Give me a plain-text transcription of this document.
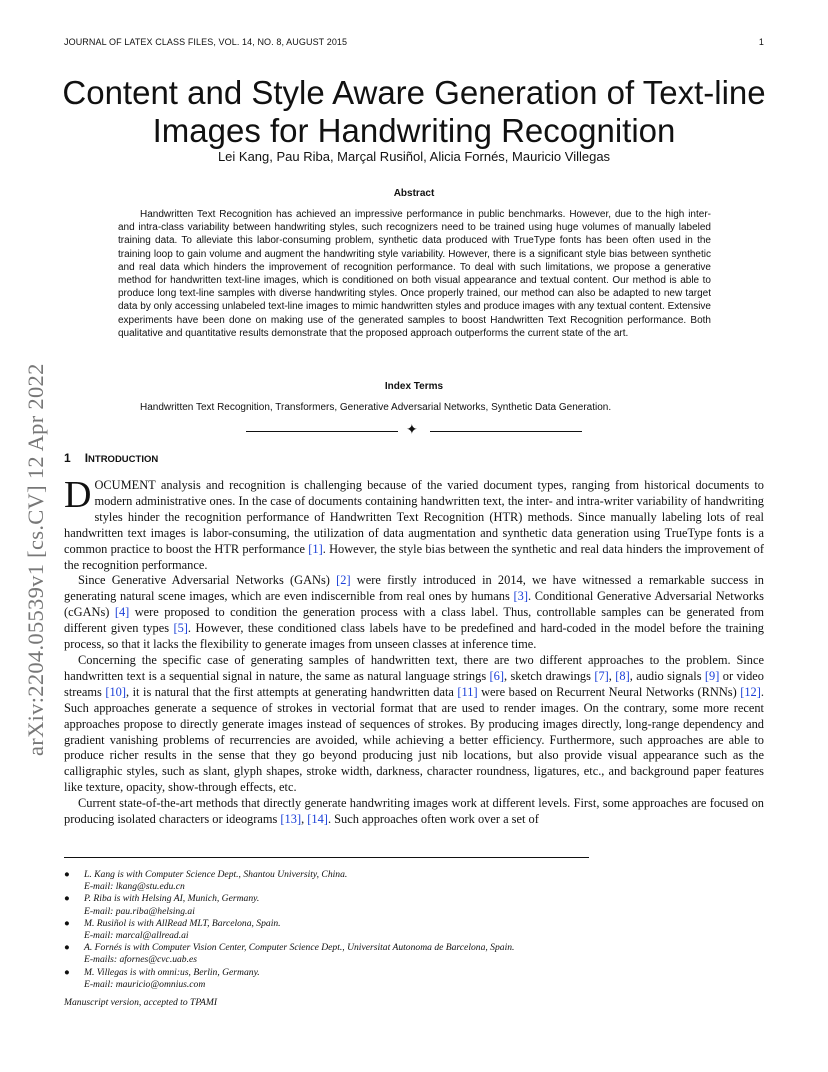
JOURNAL OF LATEX CLASS FILES, VOL. 14, NO. 8, AUGUST 2015	1
Content and Style Aware Generation of Text-line Images for Handwriting Recognition
Lei Kang, Pau Riba, Marçal Rusiñol, Alicia Fornés, Mauricio Villegas
Abstract

Handwritten Text Recognition has achieved an impressive performance in public benchmarks. However, due to the high inter- and intra-class variability between handwriting styles, such recognizers need to be trained using huge volumes of manually labeled training data. To alleviate this labor-consuming problem, synthetic data produced with TrueType fonts has been often used in the training loop to gain volume and augment the handwriting style variability. However, there is a significant style bias between synthetic and real data which hinders the improvement of recognition performance. To deal with such limitations, we propose a generative method for handwritten text-line images, which is conditioned on both visual appearance and textual content. Our method is able to produce long text-line samples with diverse handwriting styles. Once properly trained, our method can also be adapted to new target data by only accessing unlabeled text-line images to mimic handwritten styles and produce images with any textual content. Extensive experiments have been done on making use of the generated samples to boost Handwritten Text Recognition performance. Both qualitative and quantitative results demonstrate that the proposed approach outperforms the current state of the art.

Index Terms

Handwritten Text Recognition, Transformers, Generative Adversarial Networks, Synthetic Data Generation.

✦
1 INTRODUCTION

DOCUMENT analysis and recognition is challenging because of the varied document types, ranging from historical documents to modern administrative ones. In the case of documents containing handwritten text, the inter- and intra-writer variability of handwriting styles hinder the recognition performance of Handwritten Text Recognition (HTR) methods. Since manually labeling lots of real handwritten text images is labor-consuming, the utilization of data augmentation and synthetic data generation using TrueType fonts is a common practice to boost the HTR performance [1]. However, the style bias between the synthetic and real data hinders the improvement of the recognition performance.

Since Generative Adversarial Networks (GANs) [2] were firstly introduced in 2014, we have witnessed a remarkable success in generating natural scene images, which are even indiscernible from real ones by humans [3]. Conditional Generative Adversarial Networks (cGANs) [4] were proposed to condition the generation process with a class label. Thus, controllable samples can be generated from different given types [5]. However, these conditioned class labels have to be predefined and hard-coded in the model before the training process, so that it lacks the flexibility to generate images from unseen classes at inference time.

Concerning the specific case of generating samples of handwritten text, there are two different approaches to the problem. Since handwritten text is a sequential signal in nature, the same as natural language strings [6], sketch drawings [7], [8], audio signals [9] or video streams [10], it is natural that the first attempts at generating handwritten data [11] were based on Recurrent Neural Networks (RNNs) [12]. Such approaches generate a sequence of strokes in vectorial format that are used to render images. On the contrary, some more recent approaches propose to directly generate images instead of sequences of strokes. By producing images directly, long-range dependency and gradient vanishing problems of recurrencies are avoided, while achieving a better efficiency. Furthermore, such approaches are able to produce richer results in the sense that they go beyond producing just nib locations, but also provide visual appearance such as the calligraphic styles, such as slant, glyph shapes, stroke width, darkness, character roundness, ligatures, etc., and background paper features like texture, opacity, show-through effects, etc.

Current state-of-the-art methods that directly generate handwriting images work at different levels. First, some approaches are focused on producing isolated characters or ideograms [13], [14]. Such approaches often work over a set of

● L. Kang is with Computer Science Dept., Shantou University, China.
E-mail: lkang@stu.edu.cn
● P. Riba is with Helsing AI, Munich, Germany.
E-mail: pau.riba@helsing.ai
● M. Rusiñol is with AllRead MLT, Barcelona, Spain.
E-mail: marcal@allread.ai
● A. Fornés is with Computer Vision Center, Computer Science Dept., Universitat Autonoma de Barcelona, Spain.
E-mails: afornes@cvc.uab.es
● M. Villegas is with omni:us, Berlin, Germany.
E-mail: mauricio@omnius.com
Manuscript version, accepted to TPAMI
arXiv:2204.05539v1 [cs.CV] 12 Apr 2022
